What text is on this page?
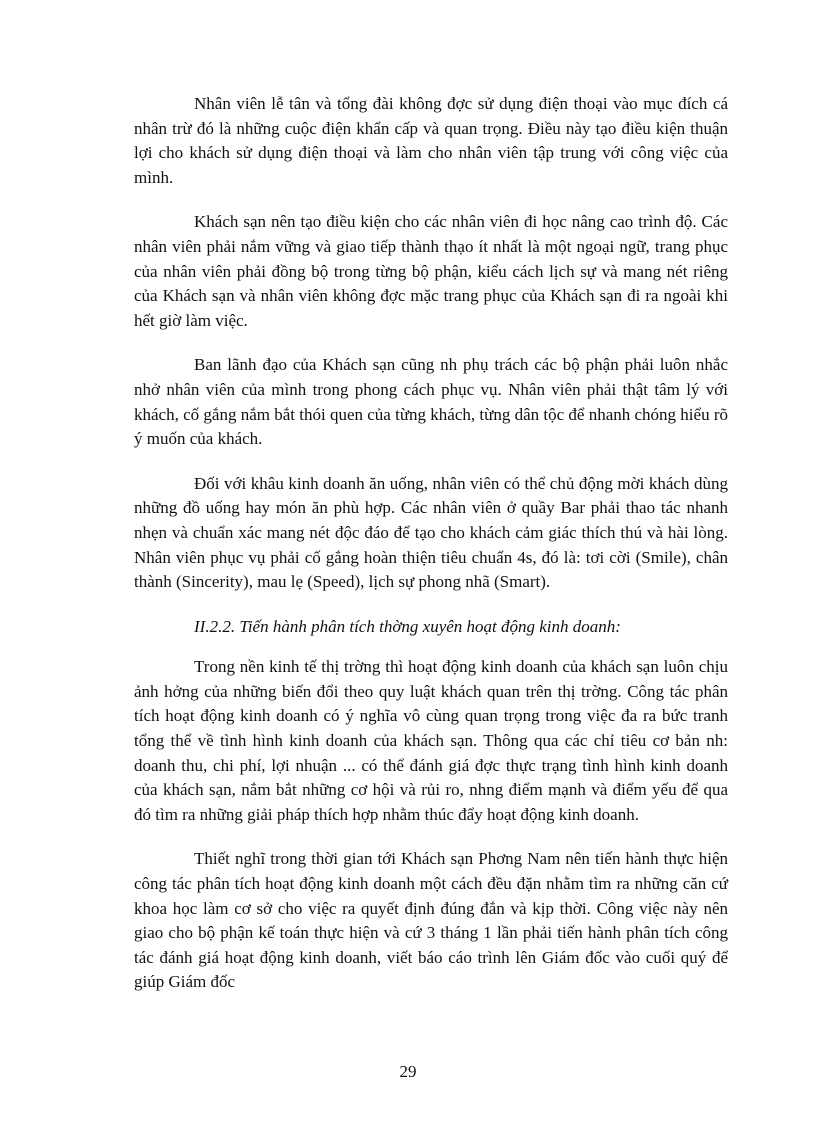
Nhân viên lễ tân và tổng đài không đợc sử dụng điện thoại vào mục đích cá nhân trừ đó là những cuộc điện khẩn cấp và quan trọng. Điều này tạo điều kiện thuận lợi cho khách sử dụng điện thoại và làm cho nhân viên tập trung với công việc của mình.

Khách sạn nên tạo điều kiện cho các nhân viên đi học nâng cao trình độ. Các nhân viên phải nắm vững và giao tiếp thành thạo ít nhất là một ngoại ngữ, trang phục của nhân viên phải đồng bộ trong từng bộ phận, kiểu cách lịch sự và mang nét riêng của Khách sạn và nhân viên không đợc mặc trang phục của Khách sạn đi ra ngoài khi hết giờ làm việc.

Ban lãnh đạo của Khách sạn cũng nh phụ trách các bộ phận phải luôn nhắc nhở nhân viên của mình trong phong cách phục vụ. Nhân viên phải thật tâm lý với khách, cố gắng nắm bắt thói quen của từng khách, từng dân tộc để nhanh chóng hiểu rõ ý muốn của khách.

Đối với khâu kinh doanh ăn uống, nhân viên có thể chủ động mời khách dùng những đồ uống hay món ăn phù hợp. Các nhân viên ở quầy Bar phải thao tác nhanh nhẹn và chuẩn xác mang nét độc đáo để tạo cho khách cảm giác thích thú và hài lòng. Nhân viên phục vụ phải cố gắng hoàn thiện tiêu chuẩn 4s, đó là: tơi cời (Smile), chân thành (Sincerity), mau lẹ (Speed), lịch sự phong nhã (Smart).

II.2.2. Tiến hành phân tích thờng xuyên hoạt động kinh doanh:

Trong nền kinh tế thị trờng thì hoạt động kinh doanh của khách sạn luôn chịu ảnh hởng của những biến đổi theo quy luật khách quan trên thị trờng. Công tác phân tích hoạt động kinh doanh có ý nghĩa vô cùng quan trọng trong việc đa ra bức tranh tổng thể về tình hình kinh doanh của khách sạn. Thông qua các chỉ tiêu cơ bản nh: doanh thu, chi phí, lợi nhuận ... có thể đánh giá đợc thực trạng tình hình kinh doanh của khách sạn, nắm bắt những cơ hội và rủi ro, nhng điểm mạnh và điểm yếu để qua đó tìm ra những giải pháp thích hợp nhằm thúc đẩy hoạt động kinh doanh.

Thiết nghĩ trong thời gian tới Khách sạn Phơng Nam nên tiến hành thực hiện công tác phân tích hoạt động kinh doanh một cách đều đặn nhằm tìm ra những căn cứ khoa học làm cơ sở cho việc ra quyết định đúng đắn và kịp thời. Công việc này nên giao cho bộ phận kế toán thực hiện và cứ 3 tháng 1 lần phải tiến hành phân tích công tác đánh giá hoạt động kinh doanh, viết báo cáo trình lên Giám đốc vào cuối quý để giúp Giám đốc

29
